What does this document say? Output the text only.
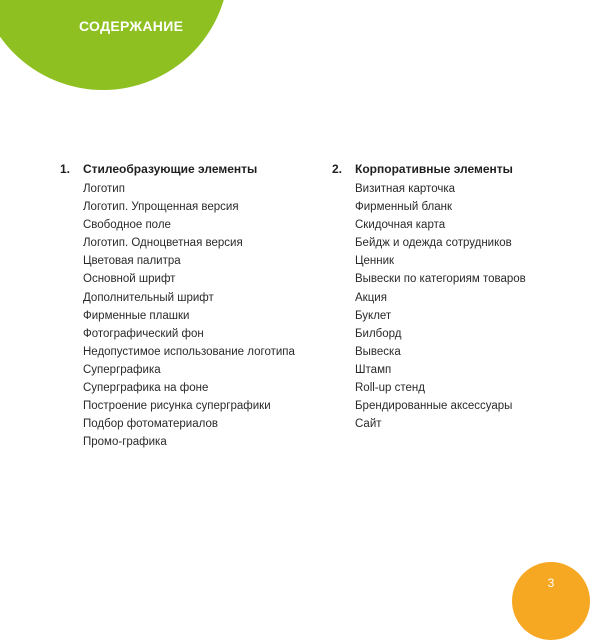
СОДЕРЖАНИЕ
1.	Стилеобразующие элементы
Логотип
Логотип. Упрощенная версия
Свободное поле
Логотип. Одноцветная версия
Цветовая палитра
Основной шрифт
Дополнительный шрифт
Фирменные плашки
Фотографический фон
Недопустимое использование логотипа
Суперграфика
Суперграфика на фоне
Построение рисунка суперграфики
Подбор фотоматериалов
Промо-графика
2.	Корпоративные элементы
Визитная карточка
Фирменный бланк
Скидочная карта
Бейдж и одежда сотрудников
Ценник
Вывески по категориям товаров
Акция
Буклет
Билборд
Вывеска
Штамп
Roll-up стенд
Брендированные аксессуары
Сайт
3
